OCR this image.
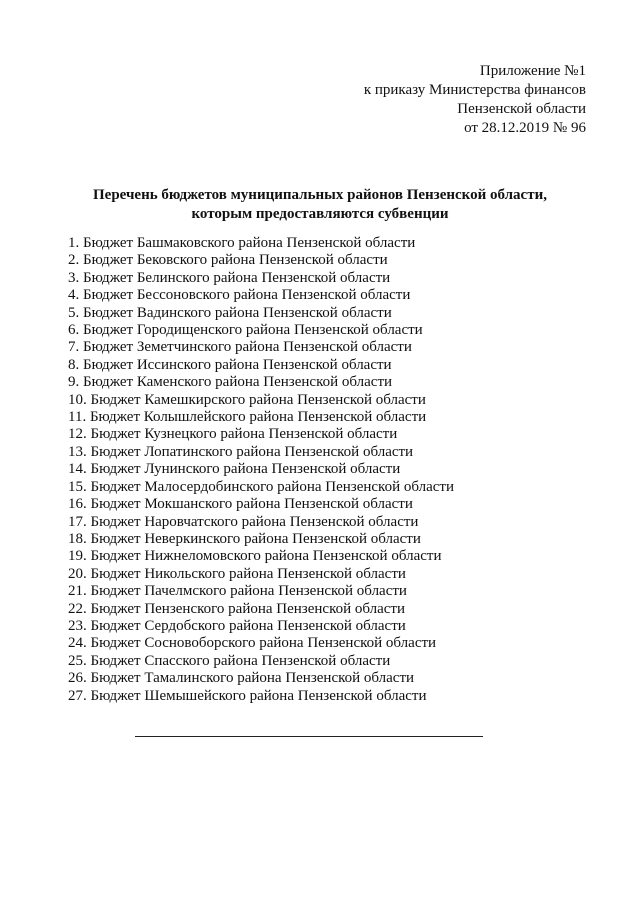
Приложение №1
к приказу Министерства финансов
Пензенской области
от 28.12.2019 № 96
Перечень бюджетов муниципальных районов Пензенской области,
которым предоставляются субвенции
1. Бюджет Башмаковского района Пензенской области
2. Бюджет Бековского района Пензенской области
3. Бюджет Белинского района Пензенской области
4. Бюджет Бессоновского района Пензенской области
5. Бюджет Вадинского района Пензенской области
6. Бюджет Городищенского района Пензенской области
7. Бюджет Земетчинского района Пензенской области
8. Бюджет Иссинского района Пензенской области
9. Бюджет Каменского района Пензенской области
10. Бюджет Камешкирского района Пензенской области
11. Бюджет Колышлейского района Пензенской области
12. Бюджет Кузнецкого района Пензенской области
13. Бюджет Лопатинского района Пензенской области
14. Бюджет Лунинского района Пензенской области
15. Бюджет Малосердобинского района Пензенской области
16. Бюджет Мокшанского района Пензенской области
17. Бюджет Наровчатского района Пензенской области
18. Бюджет Неверкинского района Пензенской области
19. Бюджет Нижнеломовского района Пензенской области
20. Бюджет Никольского района Пензенской области
21. Бюджет Пачелмского района Пензенской области
22. Бюджет Пензенского района Пензенской области
23. Бюджет Сердобского района Пензенской области
24. Бюджет Сосновоборского района Пензенской области
25. Бюджет Спасского района Пензенской области
26. Бюджет Тамалинского района Пензенской области
27. Бюджет Шемышейского района Пензенской области
